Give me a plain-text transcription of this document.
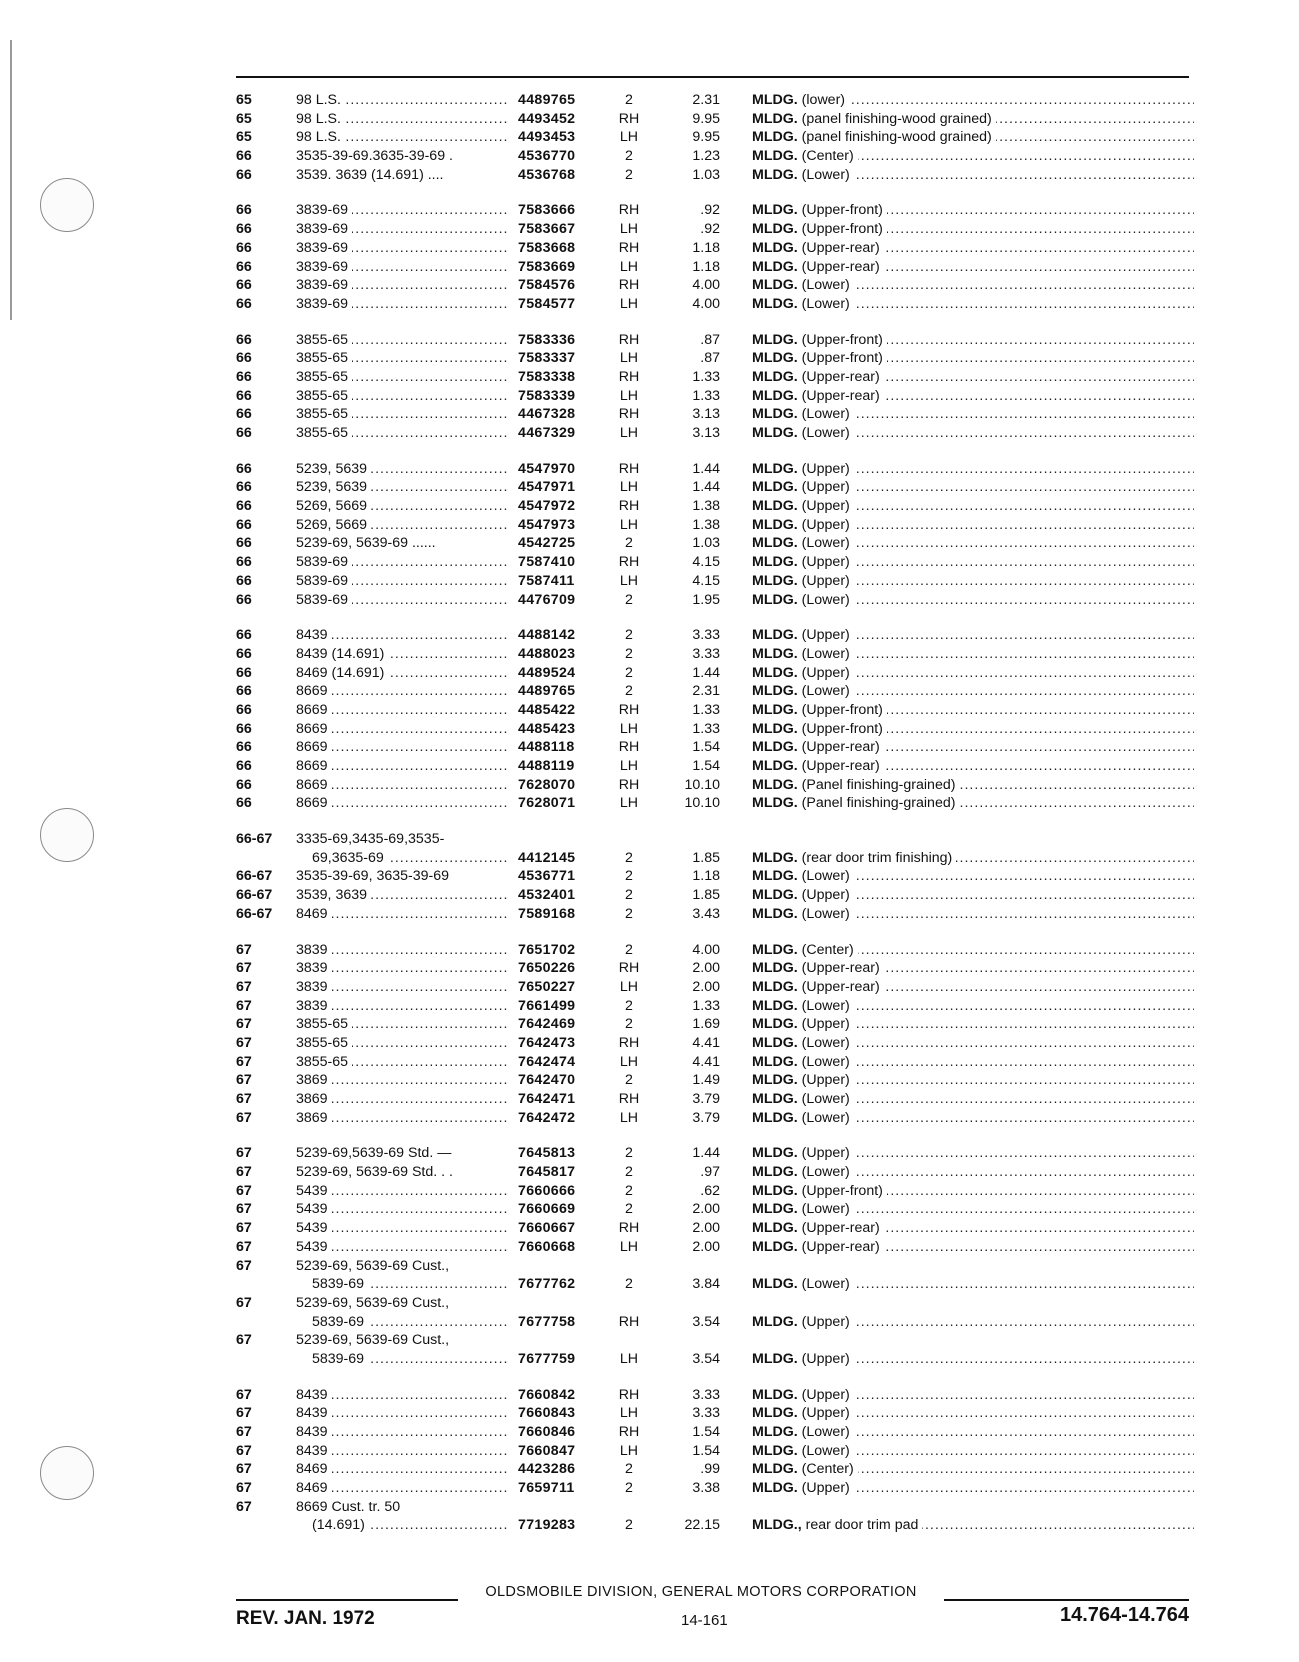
65	98 L.S. .....	4489765	2	2.31 MLDG. (lower) .....
65	98 L.S. .....	4493452	RH	9.95 MLDG. (panel finishing-wood grained) .....
65	98 L.S. .....	4493453	LH	9.95 MLDG. (panel finishing-wood grained) .....
66	3535-39-69.3635-39-69 .	4536770	2	1.23 MLDG. (Center) .....
66	3539. 3639 (14.691) ....	4536768	2	1.03 MLDG. (Lower) .....
66	3839-69 .....	7583666	RH	.92 MLDG. (Upper-front) .....
66	3839-69 .....	7583667	LH	.92 MLDG. (Upper-front) .....
66	3839-69 .....	7583668	RH	1.18 MLDG. (Upper-rear) .....
66	3839-69 .....	7583669	LH	1.18 MLDG. (Upper-rear) .....
66	3839-69 .....	7584576	RH	4.00 MLDG. (Lower) .....
66	3839-69 .....	7584577	LH	4.00 MLDG. (Lower) .....
66	3855-65 .....	7583336	RH	.87 MLDG. (Upper-front) .....
66	3855-65 .....	7583337	LH	.87 MLDG. (Upper-front) .....
66	3855-65 .....	7583338	RH	1.33 MLDG. (Upper-rear) .....
66	3855-65 .....	7583339	LH	1.33 MLDG. (Upper-rear) .....
66	3855-65 .....	4467328	RH	3.13 MLDG. (Lower) .....
66	3855-65 .....	4467329	LH	3.13 MLDG. (Lower) .....
66	5239, 5639 .....	4547970	RH	1.44 MLDG. (Upper) .....
66	5239, 5639 .....	4547971	LH	1.44 MLDG. (Upper) .....
66	5269, 5669 .....	4547972	RH	1.38 MLDG. (Upper) .....
66	5269, 5669 .....	4547973	LH	1.38 MLDG. (Upper) .....
66	5239-69, 5639-69 ......	4542725	2	1.03 MLDG. (Lower) .....
66	5839-69 .....	7587410	RH	4.15 MLDG. (Upper) .....
66	5839-69 .....	7587411	LH	4.15 MLDG. (Upper) .....
66	5839-69 .....	4476709	2	1.95 MLDG. (Lower) .....
66	8439 .....	4488142	2	3.33 MLDG. (Upper) .....
66	8439 (14.691) .....	4488023	2	3.33 MLDG. (Lower) .....
66	8469 (14.691) .....	4489524	2	1.44 MLDG. (Upper) .....
66	8669 .....	4489765	2	2.31 MLDG. (Lower) .....
66	8669 .....	4485422	RH	1.33 MLDG. (Upper-front) .....
66	8669 .....	4485423	LH	1.33 MLDG. (Upper-front) .....
66	8669 .....	4488118	RH	1.54 MLDG. (Upper-rear) .....
66	8669 .....	4488119	LH	1.54 MLDG. (Upper-rear) .....
66	8669 .....	7628070	RH	10.10 MLDG. (Panel finishing-grained) .....
66	8669 .....	7628071	LH	10.10 MLDG. (Panel finishing-grained) .....
66-67	3335-69,3435-69,3535-
69,3635-69 .....	4412145	2	1.85 MLDG. (rear door trim finishing) .....
66-67	3535-39-69, 3635-39-69	4536771	2	1.18 MLDG. (Lower) .....
66-67	3539, 3639 .....	4532401	2	1.85 MLDG. (Upper) .....
66-67	8469 .....	7589168	2	3.43 MLDG. (Lower) .....
67	3839 .....	7651702	2	4.00 MLDG. (Center) .....
67	3839 .....	7650226	RH	2.00 MLDG. (Upper-rear) .....
67	3839 .....	7650227	LH	2.00 MLDG. (Upper-rear) .....
67	3839 .....	7661499	2	1.33 MLDG. (Lower) .....
67	3855-65 .....	7642469	2	1.69 MLDG. (Upper) .....
67	3855-65 .....	7642473	RH	4.41 MLDG. (Lower) .....
67	3855-65 .....	7642474	LH	4.41 MLDG. (Lower) .....
67	3869 .....	7642470	2	1.49 MLDG. (Upper) .....
67	3869 .....	7642471	RH	3.79 MLDG. (Lower) .....
67	3869 .....	7642472	LH	3.79 MLDG. (Lower) .....
67	5239-69,5639-69 Std. —	7645813	2	1.44 MLDG. (Upper) .....
67	5239-69, 5639-69 Std. . .	7645817	2	.97 MLDG. (Lower) .....
67	5439 .....	7660666	2	.62 MLDG. (Upper-front) .....
67	5439 .....	7660669	2	2.00 MLDG. (Lower) .....
67	5439 .....	7660667	RH	2.00 MLDG. (Upper-rear) .....
67	5439 .....	7660668	LH	2.00 MLDG. (Upper-rear) .....
67	5239-69, 5639-69 Cust.,
5839-69 .....	7677762	2	3.84 MLDG. (Lower) .....
67	5239-69, 5639-69 Cust.,
5839-69 .....	7677758	RH	3.54 MLDG. (Upper) .....
67	5239-69, 5639-69 Cust.,
5839-69 .....	7677759	LH	3.54 MLDG. (Upper) .....
67	8439 .....	7660842	RH	3.33 MLDG. (Upper) .....
67	8439 .....	7660843	LH	3.33 MLDG. (Upper) .....
67	8439 .....	7660846	RH	1.54 MLDG. (Lower) .....
67	8439 .....	7660847	LH	1.54 MLDG. (Lower) .....
67	8469 .....	4423286	2	.99 MLDG. (Center) .....
67	8469 .....	7659711	2	3.38 MLDG. (Upper) .....
67	8669 Cust. tr. 50
(14.691) .....	7719283	2	22.15 MLDG., rear door trim pad .....
OLDSMOBILE DIVISION, GENERAL MOTORS CORPORATION
REV. JAN. 1972	14-161	14.764-14.764
